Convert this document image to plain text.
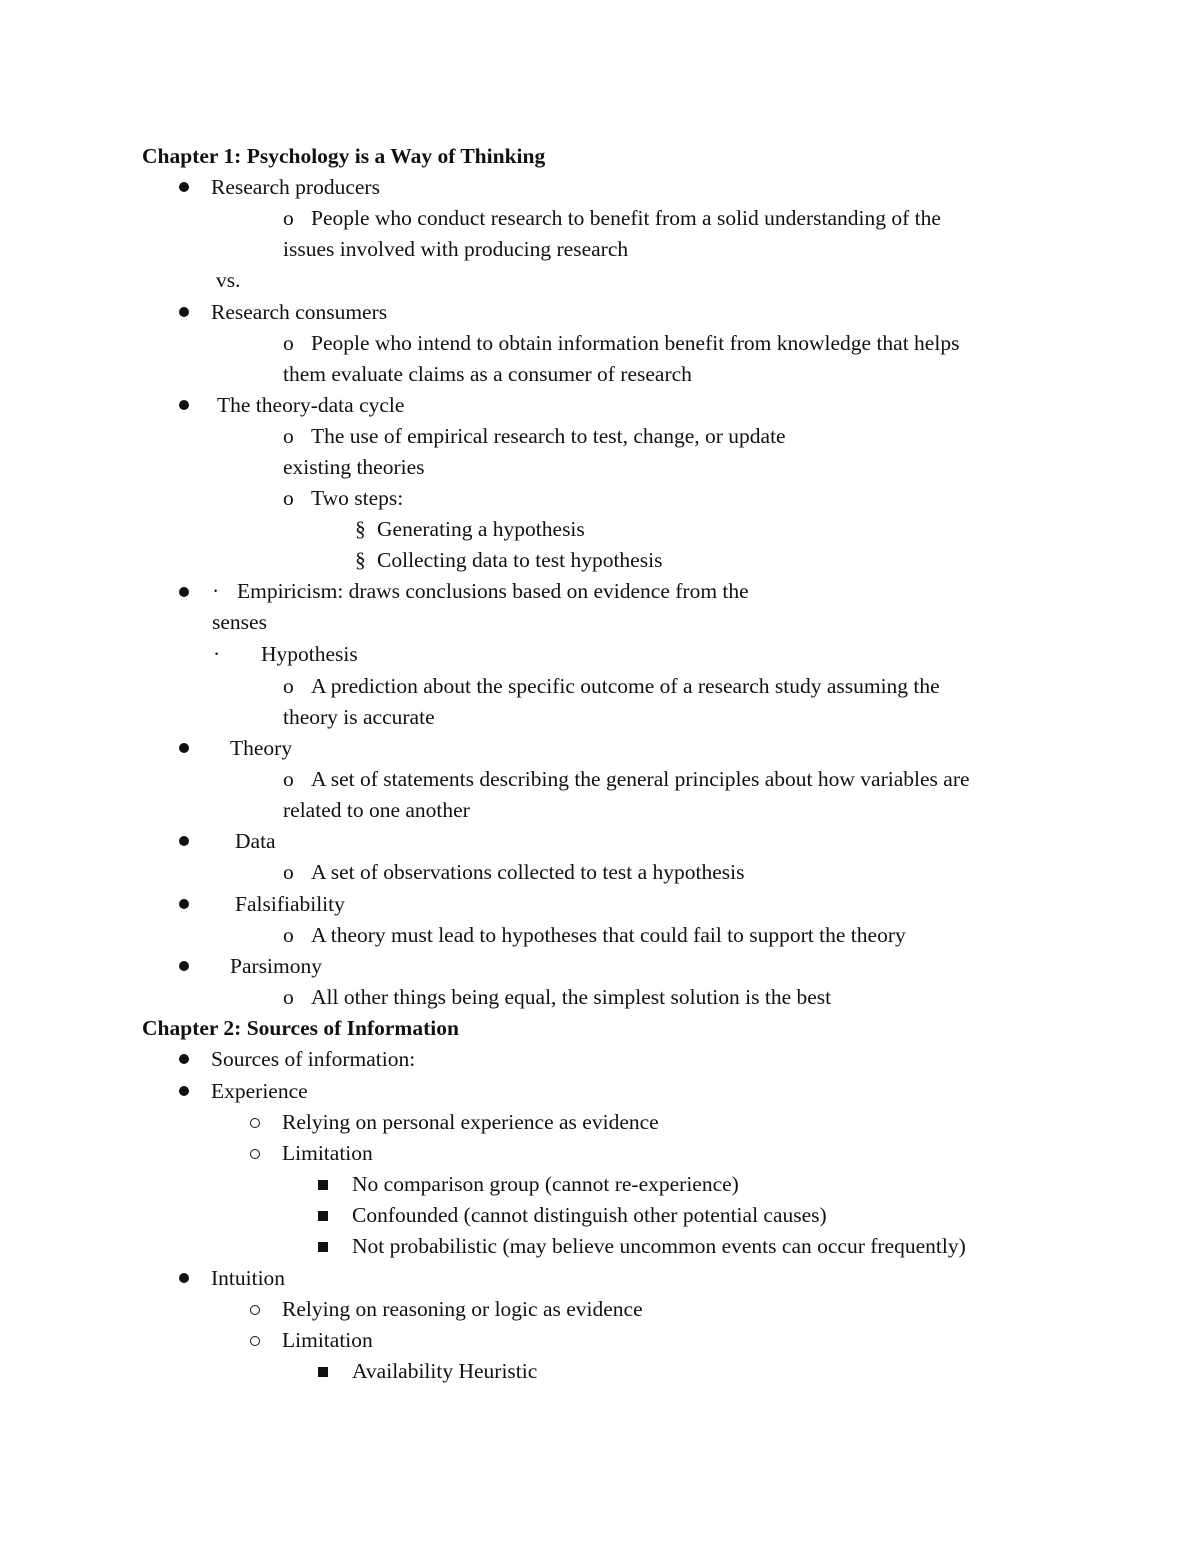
Chapter 1: Psychology is a Way of Thinking
Research producers
o People who conduct research to benefit from a solid understanding of the
issues involved with producing research
vs.
Research consumers
o People who intend to obtain information benefit from knowledge that helps
them evaluate claims as a consumer of research
The theory-data cycle
o The use of empirical research to test, change, or update
existing theories
o Two steps:
§ Generating a hypothesis
§ Collecting data to test hypothesis
· Empiricism: draws conclusions based on evidence from the
senses
· Hypothesis
o A prediction about the specific outcome of a research study assuming the
theory is accurate
Theory
o A set of statements describing the general principles about how variables are
related to one another
Data
o A set of observations collected to test a hypothesis
Falsifiability
o A theory must lead to hypotheses that could fail to support the theory
Parsimony
o All other things being equal, the simplest solution is the best
Chapter 2: Sources of Information
Sources of information:
Experience
Relying on personal experience as evidence
Limitation
No comparison group (cannot re-experience)
Confounded (cannot distinguish other potential causes)
Not probabilistic (may believe uncommon events can occur frequently)
Intuition
Relying on reasoning or logic as evidence
Limitation
Availability Heuristic
